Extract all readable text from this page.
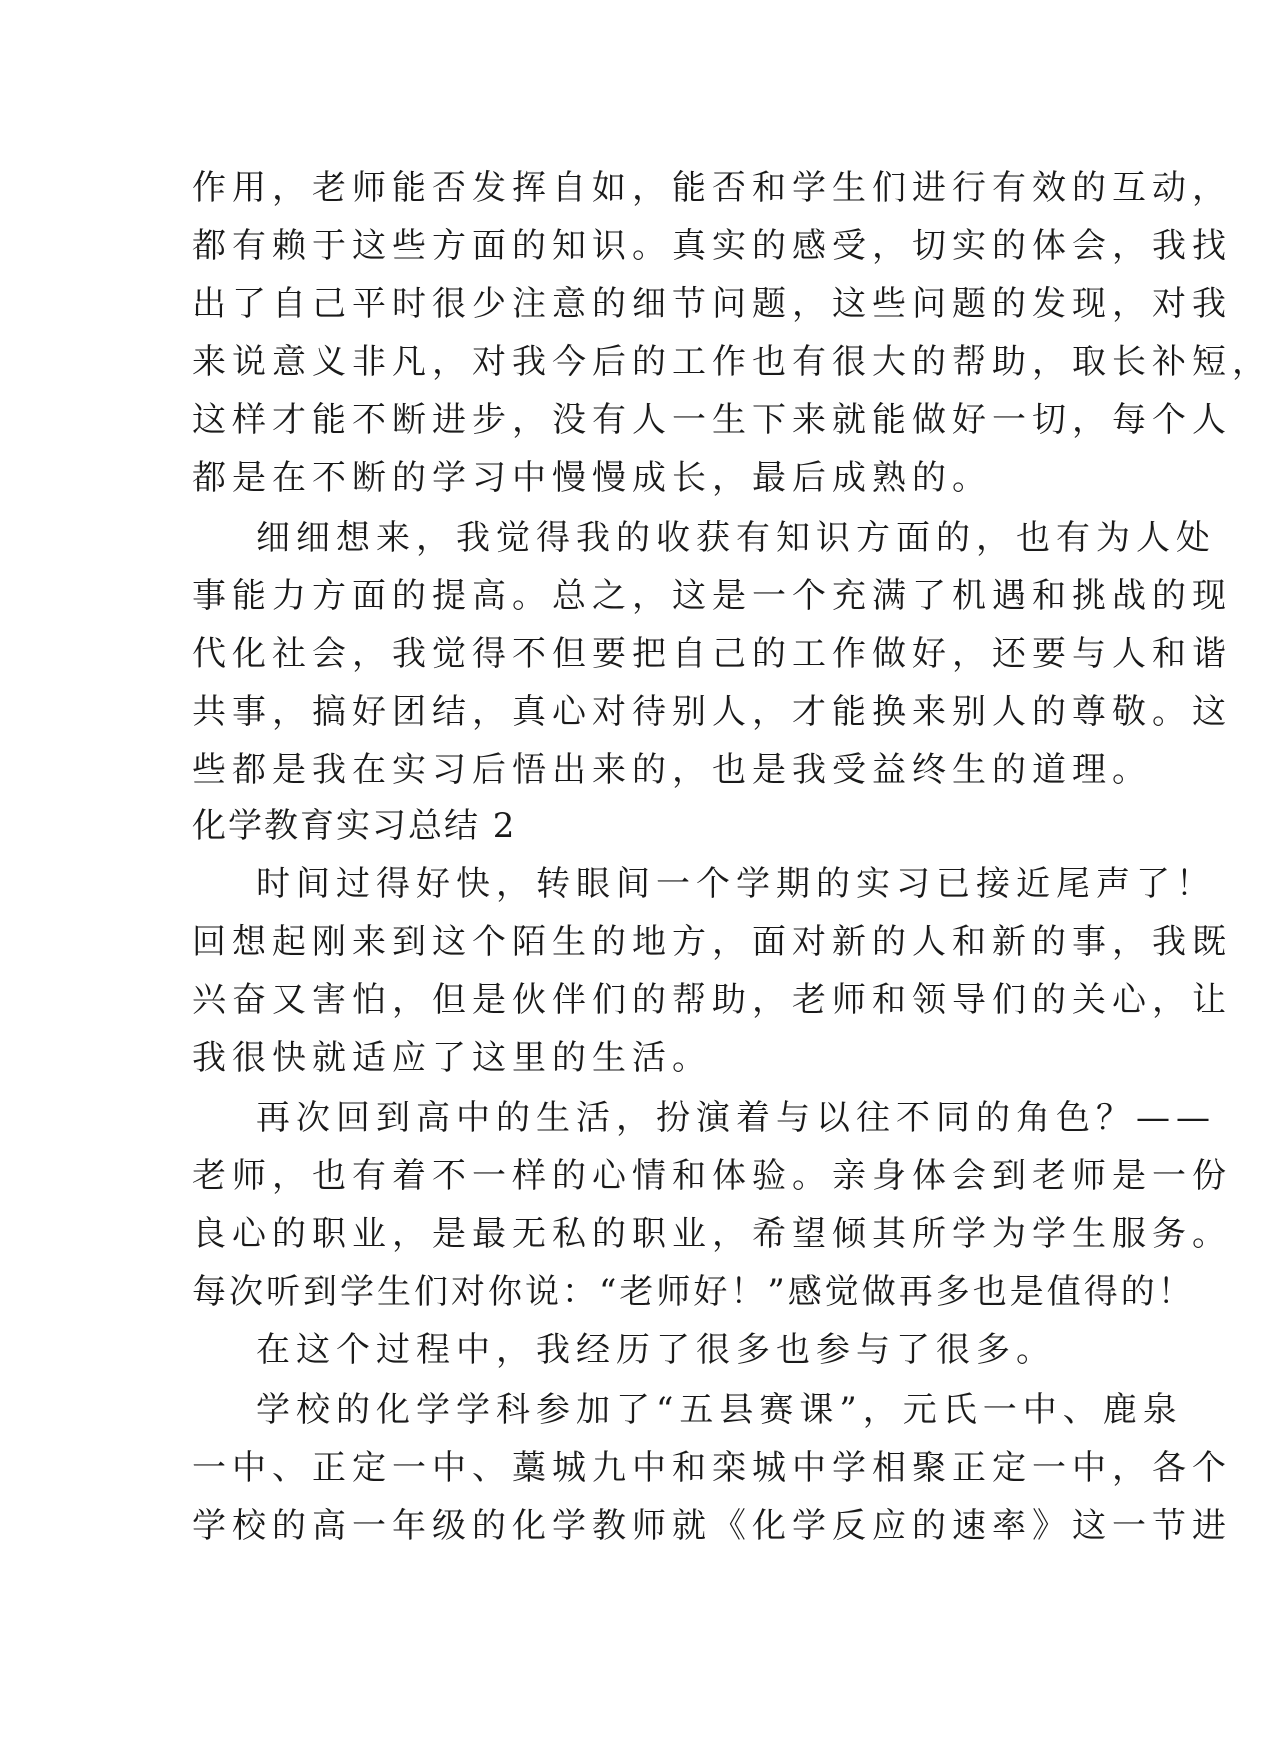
作用，老师能否发挥自如，能否和学生们进行有效的互动，
都有赖于这些方面的知识。真实的感受，切实的体会，我找
出了自己平时很少注意的细节问题，这些问题的发现，对我
来说意义非凡，对我今后的工作也有很大的帮助，取长补短，
这样才能不断进步，没有人一生下来就能做好一切，每个人
都是在不断的学习中慢慢成长，最后成熟的。
细细想来，我觉得我的收获有知识方面的，也有为人处
事能力方面的提高。总之，这是一个充满了机遇和挑战的现
代化社会，我觉得不但要把自己的工作做好，还要与人和谐
共事，搞好团结，真心对待别人，才能换来别人的尊敬。这
些都是我在实习后悟出来的，也是我受益终生的道理。
化学教育实习总结 2
时间过得好快，转眼间一个学期的实习已接近尾声了！
回想起刚来到这个陌生的地方，面对新的人和新的事，我既
兴奋又害怕，但是伙伴们的帮助，老师和领导们的关心，让
我很快就适应了这里的生活。
再次回到高中的生活，扮演着与以往不同的角色？——
老师，也有着不一样的心情和体验。亲身体会到老师是一份
良心的职业，是最无私的职业，希望倾其所学为学生服务。
每次听到学生们对你说：“老师好！”感觉做再多也是值得的！
在这个过程中，我经历了很多也参与了很多。
学校的化学学科参加了“五县赛课”，元氏一中、鹿泉
一中、正定一中、藁城九中和栾城中学相聚正定一中，各个
学校的高一年级的化学教师就《化学反应的速率》这一节进
